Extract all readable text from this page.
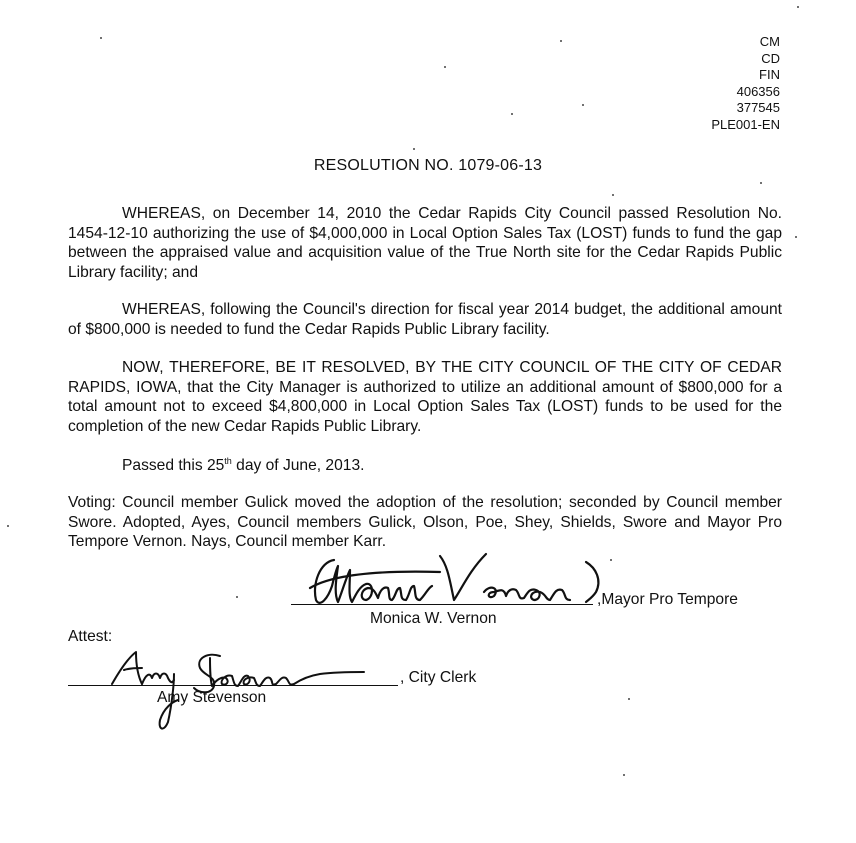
CM
CD
FIN
406356
377545
PLE001-EN
RESOLUTION NO. 1079-06-13

WHEREAS, on December 14, 2010 the Cedar Rapids City Council passed Resolution No. 1454-12-10 authorizing the use of $4,000,000 in Local Option Sales Tax (LOST) funds to fund the gap between the appraised value and acquisition value of the True North site for the Cedar Rapids Public Library facility; and

WHEREAS, following the Council's direction for fiscal year 2014 budget, the additional amount of $800,000 is needed to fund the Cedar Rapids Public Library facility.

NOW, THEREFORE, BE IT RESOLVED, BY THE CITY COUNCIL OF THE CITY OF CEDAR RAPIDS, IOWA, that the City Manager is authorized to utilize an additional amount of $800,000 for a total amount not to exceed $4,800,000 in Local Option Sales Tax (LOST) funds to be used for the completion of the new Cedar Rapids Public Library.

Passed this 25th day of June, 2013.

Voting: Council member Gulick moved the adoption of the resolution; seconded by Council member Swore. Adopted, Ayes, Council members Gulick, Olson, Poe, Shey, Shields, Swore and Mayor Pro Tempore Vernon. Nays, Council member Karr.

,Mayor Pro Tempore
Monica W. Vernon
Attest:
, City Clerk
Amy Stevenson
